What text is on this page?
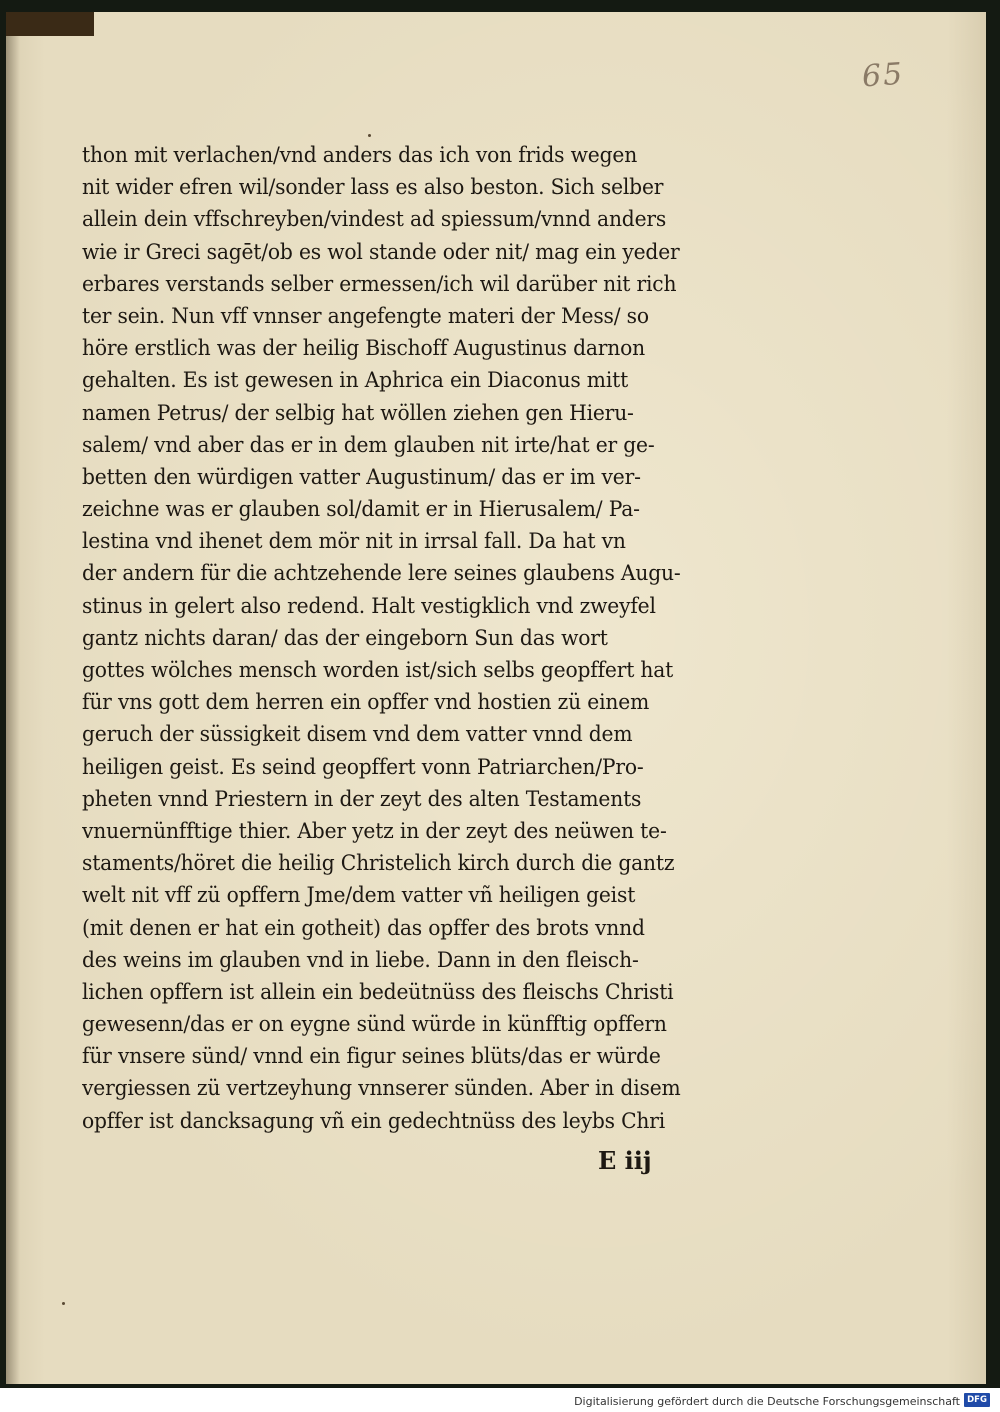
65
thon mit verlachen/vnd anders das ich von frids wegen
nit wider efren wil/sonder lass es also beston. Sich selber
allein dein vffschreyben/vindest ad spiessum/vnnd anders
wie ir Greci sagēt/ob es wol stande oder nit/ mag ein yeder
erbares verstands selber ermessen/ich wil darüber nit rich
ter sein. Nun vff vnnser angefengte materi der Mess/ so
höre erstlich was der heilig Bischoff Augustinus darnon
gehalten. Es ist gewesen in Aphrica ein Diaconus mitt
namen Petrus/ der selbig hat wöllen ziehen gen Hieru-
salem/ vnd aber das er in dem glauben nit irte/hat er ge-
betten den würdigen vatter Augustinum/ das er im ver-
zeichne was er glauben sol/damit er in Hierusalem/ Pa-
lestina vnd ihenet dem mör nit in irrsal fall. Da hat vn
der andern für die achtzehende lere seines glaubens Augu-
stinus in gelert also redend. Halt vestigklich vnd zweyfel
gantz nichts daran/ das der eingeborn Sun das wort
gottes wölches mensch worden ist/sich selbs geopffert hat
für vns gott dem herren ein opffer vnd hostien zü einem
geruch der süssigkeit disem vnd dem vatter vnnd dem
heiligen geist. Es seind geopffert vonn Patriarchen/Pro-
pheten vnnd Priestern in der zeyt des alten Testaments
vnuernünfftige thier. Aber yetz in der zeyt des neüwen te-
staments/höret die heilig Christelich kirch durch die gantz
welt nit vff zü opffern Jme/dem vatter vñ heiligen geist
(mit denen er hat ein gotheit) das opffer des brots vnnd
des weins im glauben vnd in liebe. Dann in den fleisch-
lichen opffern ist allein ein bedeütnüss des fleischs Christi
gewesenn/das er on eygne sünd würde in künfftig opffern
für vnsere sünd/ vnnd ein figur seines blüts/das er würde
vergiessen zü vertzeyhung vnnserer sünden. Aber in disem
opffer ist dancksagung vñ ein gedechtnüss des leybs Chri
E iij
Digitalisierung gefördert durch die Deutsche Forschungsgemeinschaft DFG
